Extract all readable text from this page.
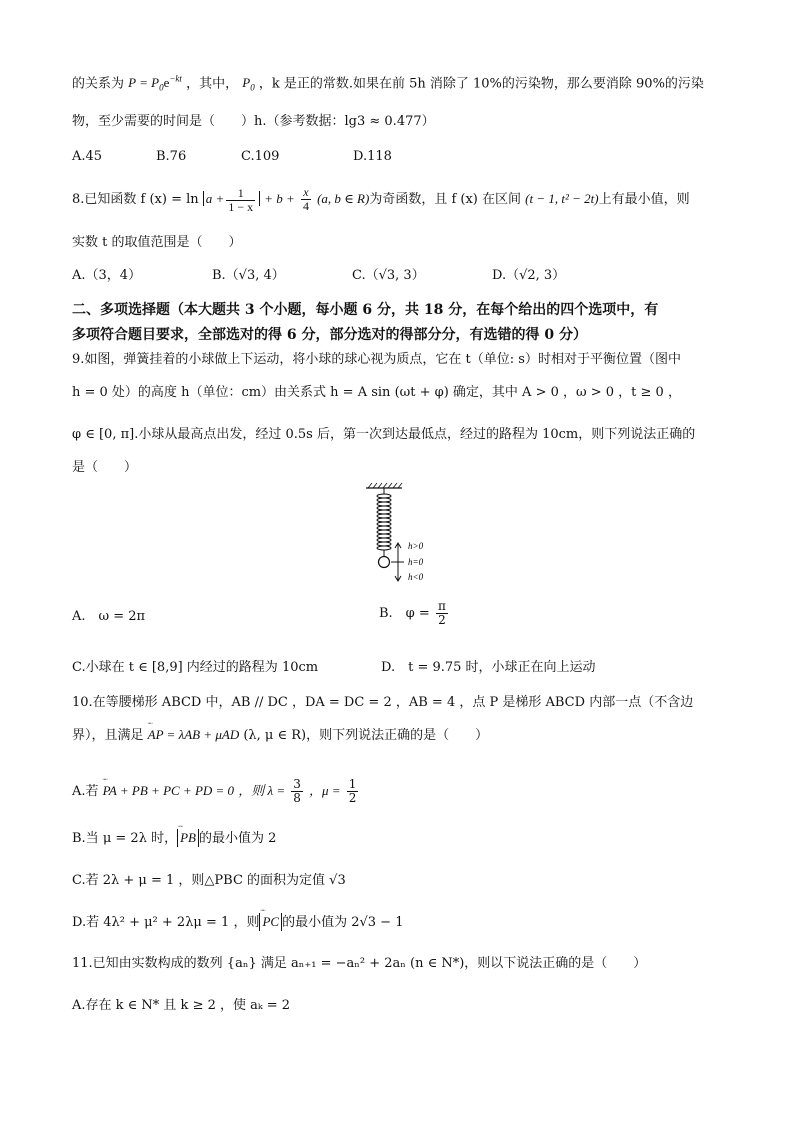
的关系为 $P = P_0e^{-kt}$ ，其中， $P_0$ ，k 是正的常数.如果在前 5h 消除了 10%的污染物，那么要消除 90%的污染
物，至少需要的时间是（　　）h.（参考数据：lg3 ≈ 0.477）
A.45	B.76	C.109	D.118
8.已知函数 f $(x) = \ln a + \frac{1}{1 - x} + b + \frac{x}{4} (a$, b ∈ R)为奇函数，且 f (x) 在区间 (t − 1, t² − 2t)上有最小值，则
实数 t 的取值范围是（　　）
A.（3，4）	B.（√3, 4）	C.（√3, 3）	D.（√2, 3）
二、多项选择题（本大题共 3 个小题，每小题 6 分，共 18 分，在每个给出的四个选项中，有
多项符合题目要求，全部选对的得 6 分，部分选对的得部分分，有选错的得 0 分）
9.如图，弹簧挂着的小球做上下运动，将小球的球心视为质点，它在 t（单位: s）时相对于平衡位置（图中
h = 0 处）的高度 h（单位：cm）由关系式 h = A sin (ωt + φ) 确定，其中 A > 0 ，ω > 0 ，t ≥ 0 ，
φ ∈ [0, π].小球从最高点出发，经过 0.5s 后，第一次到达最低点，经过的路程为 10cm，则下列说法正确的
是（　　）
h>0
h=0
h<0
A.　ω = 2π	B.　$\varphi = \frac{\pi}{2}$
C.小球在 t ∈ [8,9] 内经过的路程为 10cm	D.　t = 9.75 时，小球正在向上运动
10.在等腰梯形 ABCD 中，AB // DC ，DA = DC = 2 ，AB = 4 ，点 P 是梯形 ABCD 内部一点（不含边
界），且满足 ᵕᵕᵕ AP = λAB + μAD (λ, μ ∈ R)，则下列说法正确的是（　　）
A.若 ᵕᵕᵕ PA + PB + PC + PD = 0 ，则 $\lambda = \frac{3}{8}$ ，$\mu = \frac{1}{2}$
B.当 μ = 2λ 时， ᵕᵕᵕ PB 的最小值为 2
C.若 2λ + μ = 1 ，则△PBC 的面积为定值 √3
D.若 4λ² + μ² + 2λμ = 1 ，则 ᵕᵕᵕ PC 的最小值为 2√3 − 1
11.已知由实数构成的数列 {aₙ} 满足 aₙ₊₁ = −aₙ² + 2aₙ (n ∈ N*)，则以下说法正确的是（　　）
A.存在 k ∈ N* 且 k ≥ 2 ，使 aₖ = 2
